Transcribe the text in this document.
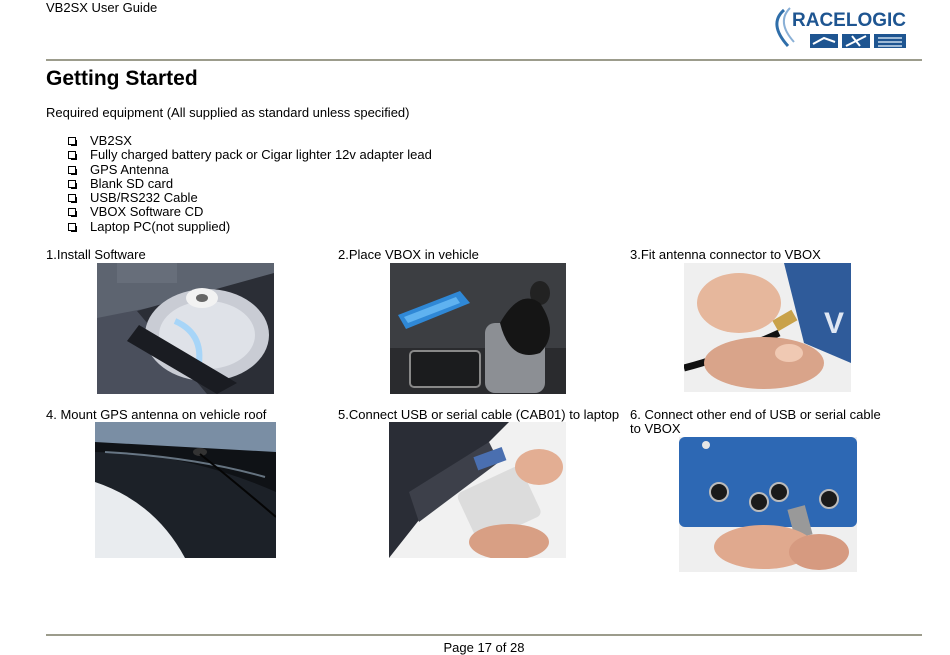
VB2SX User Guide
RACELOGIC
Getting Started
Required equipment (All supplied as standard unless specified)
VB2SX
Fully charged battery pack or Cigar lighter 12v adapter lead
GPS Antenna
Blank SD card
USB/RS232 Cable
VBOX Software CD
Laptop PC(not supplied)
1.Install Software	2.Place VBOX in vehicle	3.Fit antenna connector to VBOX
4. Mount GPS antenna on vehicle roof	5.Connect USB or serial cable (CAB01) to laptop 6. Connect other end of USB or serial cable to VBOX
V
Page 17 of 28
